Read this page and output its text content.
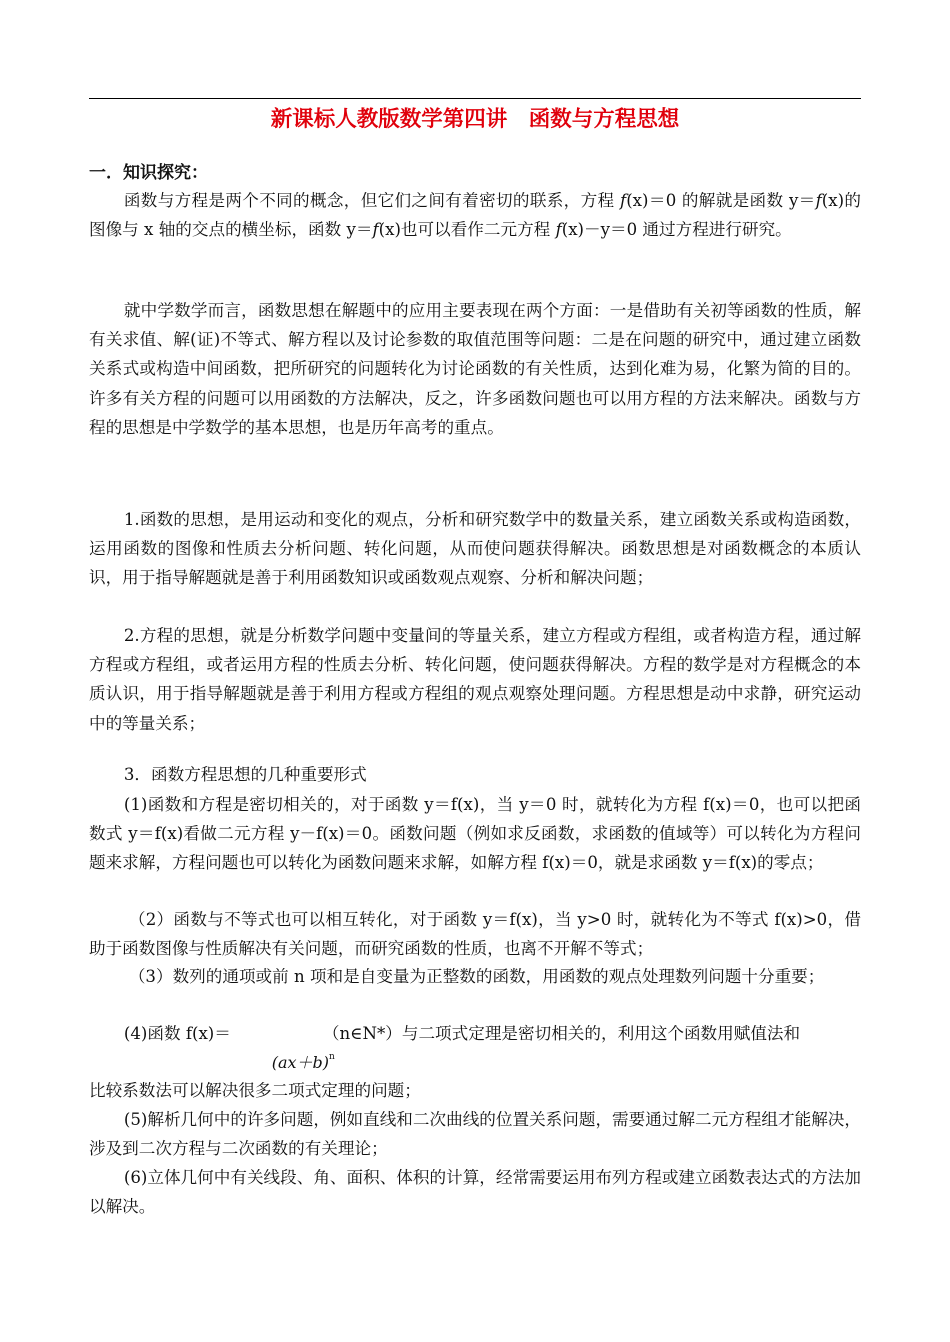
新课标人教版数学第四讲　函数与方程思想
一．知识探究：

函数与方程是两个不同的概念，但它们之间有着密切的联系，方程 f(x)＝0 的解就是函数 y＝f(x)的图像与 x 轴的交点的横坐标，函数 y＝f(x)也可以看作二元方程 f(x)－y＝0 通过方程进行研究。

就中学数学而言，函数思想在解题中的应用主要表现在两个方面：一是借助有关初等函数的性质，解有关求值、解(证)不等式、解方程以及讨论参数的取值范围等问题：二是在问题的研究中，通过建立函数关系式或构造中间函数，把所研究的问题转化为讨论函数的有关性质，达到化难为易，化繁为简的目的。许多有关方程的问题可以用函数的方法解决，反之，许多函数问题也可以用方程的方法来解决。函数与方程的思想是中学数学的基本思想，也是历年高考的重点。

1.函数的思想，是用运动和变化的观点，分析和研究数学中的数量关系，建立函数关系或构造函数，运用函数的图像和性质去分析问题、转化问题，从而使问题获得解决。函数思想是对函数概念的本质认识，用于指导解题就是善于利用函数知识或函数观点观察、分析和解决问题；

2.方程的思想，就是分析数学问题中变量间的等量关系，建立方程或方程组，或者构造方程，通过解方程或方程组，或者运用方程的性质去分析、转化问题，使问题获得解决。方程的数学是对方程概念的本质认识，用于指导解题就是善于利用方程或方程组的观点观察处理问题。方程思想是动中求静，研究运动中的等量关系；

3．函数方程思想的几种重要形式

(1)函数和方程是密切相关的，对于函数 y＝f(x)，当 y＝0 时，就转化为方程 f(x)＝0，也可以把函数式 y＝f(x)看做二元方程 y－f(x)＝0。函数问题（例如求反函数，求函数的值域等）可以转化为方程问题来求解，方程问题也可以转化为函数问题来求解，如解方程 f(x)＝0，就是求函数 y＝f(x)的零点；

（2）函数与不等式也可以相互转化，对于函数 y＝f(x)，当 y>0 时，就转化为不等式 f(x)>0，借助于函数图像与性质解决有关问题，而研究函数的性质，也离不开解不等式；

（3）数列的通项或前 n 项和是自变量为正整数的函数，用函数的观点处理数列问题十分重要；

(4)函数 f(x)＝
$(ax+b)^n$
（n∈N*）与二项式定理是密切相关的，利用这个函数用赋值法和

比较系数法可以解决很多二项式定理的问题；

(5)解析几何中的许多问题，例如直线和二次曲线的位置关系问题，需要通过解二元方程组才能解决，涉及到二次方程与二次函数的有关理论；

(6)立体几何中有关线段、角、面积、体积的计算，经常需要运用布列方程或建立函数表达式的方法加以解决。
